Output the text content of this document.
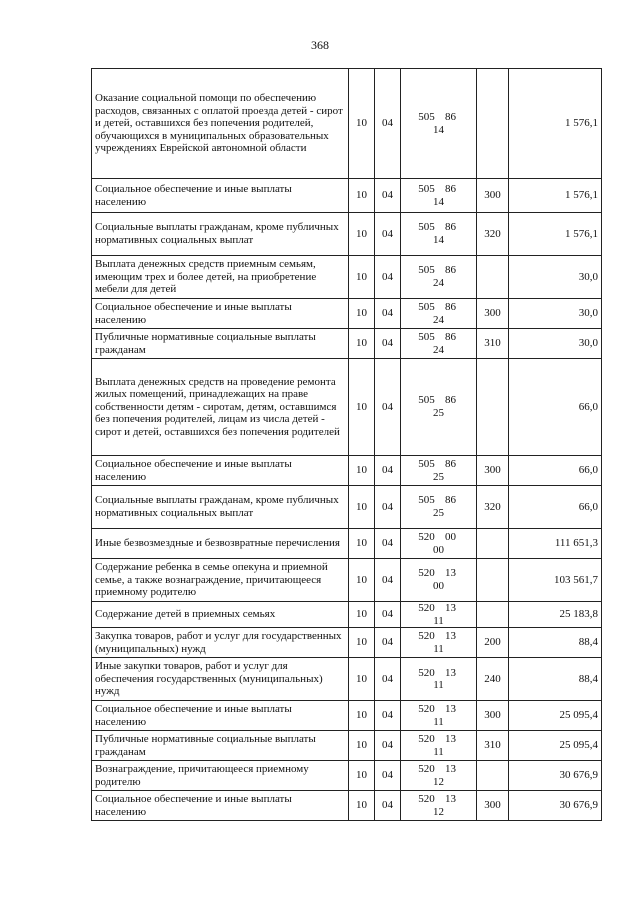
368
Оказание социальной помощи по обеспечению расходов, связанных с оплатой проезда детей - сирот и детей, оставшихся без попечения родителей, обучающихся в муниципальных образовательных учреждениях Еврейской автономной области	10	04	505 8614		1 576,1
Социальное обеспечение и иные выплаты населению	10	04	505 8614	300	1 576,1
Социальные выплаты гражданам, кроме публичных нормативных социальных выплат	10	04	505 8614	320	1 576,1
Выплата денежных средств приемным семьям, имеющим трех и более детей, на приобретение мебели для детей	10	04	505 8624		30,0
Социальное обеспечение и иные выплаты населению	10	04	505 8624	300	30,0
Публичные нормативные социальные выплаты гражданам	10	04	505 8624	310	30,0
Выплата денежных средств на проведение ремонта жилых помещений, принадлежащих на праве собственности детям - сиротам, детям, оставшимся без попечения родителей, лицам из числа детей - сирот и детей, оставшихся без попечения родителей	10	04	505 8625		66,0
Социальное обеспечение и иные выплаты населению	10	04	505 8625	300	66,0
Социальные выплаты гражданам, кроме публичных нормативных социальных выплат	10	04	505 8625	320	66,0
Иные безвозмездные и безвозвратные перечисления	10	04	520 0000		111 651,3
Содержание ребенка в семье опекуна и приемной семье, а также вознаграждение, причитающееся приемному родителю	10	04	520 1300		103 561,7
Содержание детей в приемных семьях	10	04	520 1311		25 183,8
Закупка товаров, работ и услуг для государственных (муниципальных) нужд	10	04	520 1311	200	88,4
Иные закупки товаров, работ и услуг для обеспечения государственных (муниципальных) нужд	10	04	520 1311	240	88,4
Социальное обеспечение и иные выплаты населению	10	04	520 1311	300	25 095,4
Публичные нормативные социальные выплаты гражданам	10	04	520 1311	310	25 095,4
Вознаграждение, причитающееся приемному родителю	10	04	520 1312		30 676,9
Социальное обеспечение и иные выплаты населению	10	04	520 1312	300	30 676,9
